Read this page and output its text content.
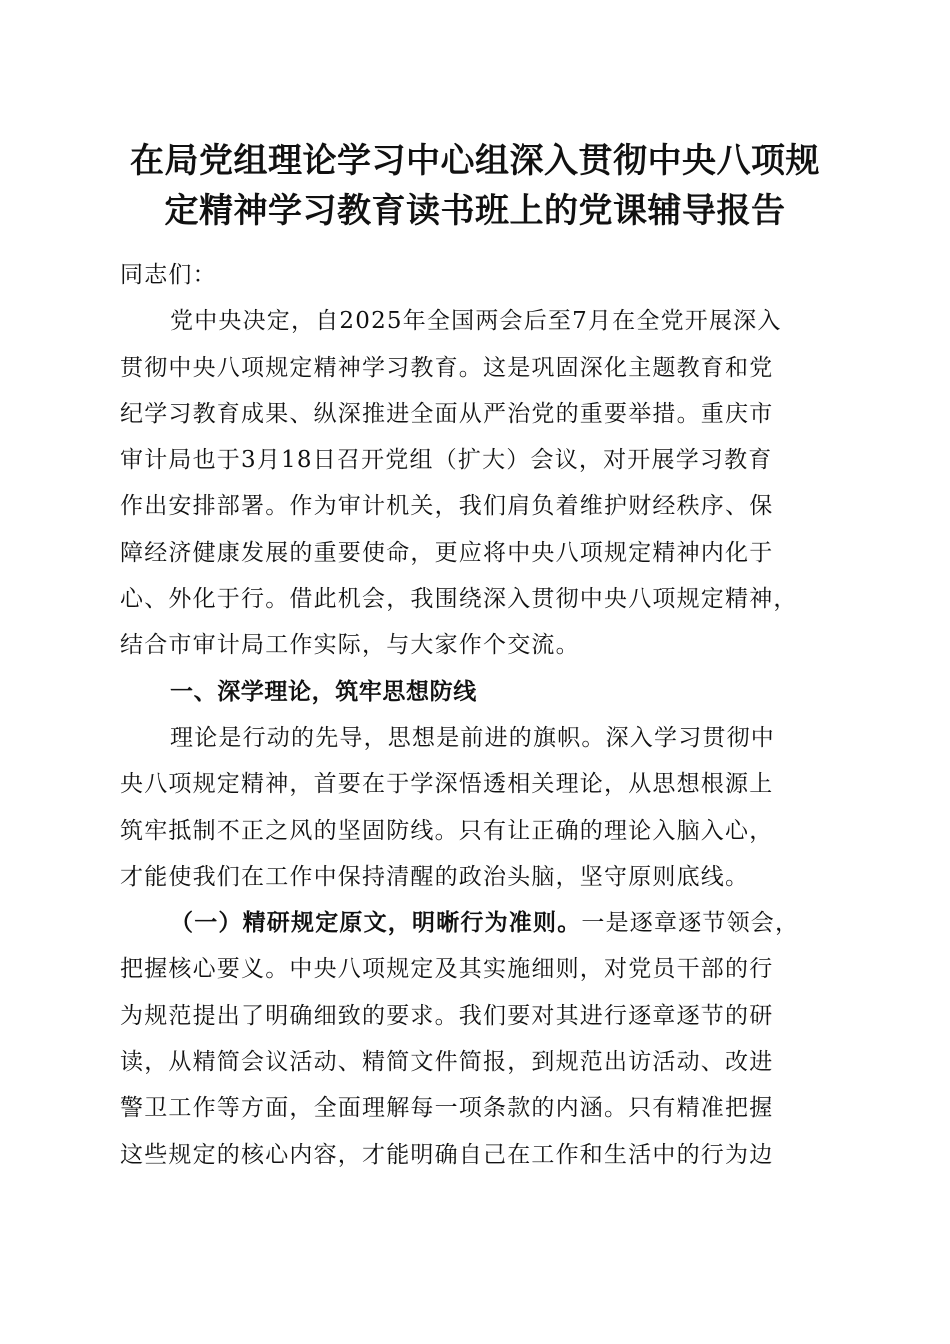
在局党组理论学习中心组深入贯彻中央八项规
定精神学习教育读书班上的党课辅导报告
同志们：
党中央决定，自2025年全国两会后至7月在全党开展深入
贯彻中央八项规定精神学习教育。这是巩固深化主题教育和党
纪学习教育成果、纵深推进全面从严治党的重要举措。重庆市
审计局也于3月18日召开党组（扩大）会议，对开展学习教育
作出安排部署。作为审计机关，我们肩负着维护财经秩序、保
障经济健康发展的重要使命，更应将中央八项规定精神内化于
心、外化于行。借此机会，我围绕深入贯彻中央八项规定精神，
结合市审计局工作实际，与大家作个交流。
一、深学理论，筑牢思想防线
理论是行动的先导，思想是前进的旗帜。深入学习贯彻中
央八项规定精神，首要在于学深悟透相关理论，从思想根源上
筑牢抵制不正之风的坚固防线。只有让正确的理论入脑入心，
才能使我们在工作中保持清醒的政治头脑，坚守原则底线。
（一）精研规定原文，明晰行为准则。一是逐章逐节领会，
把握核心要义。中央八项规定及其实施细则，对党员干部的行
为规范提出了明确细致的要求。我们要对其进行逐章逐节的研
读，从精简会议活动、精简文件简报，到规范出访活动、改进
警卫工作等方面，全面理解每一项条款的内涵。只有精准把握
这些规定的核心内容，才能明确自己在工作和生活中的行为边
